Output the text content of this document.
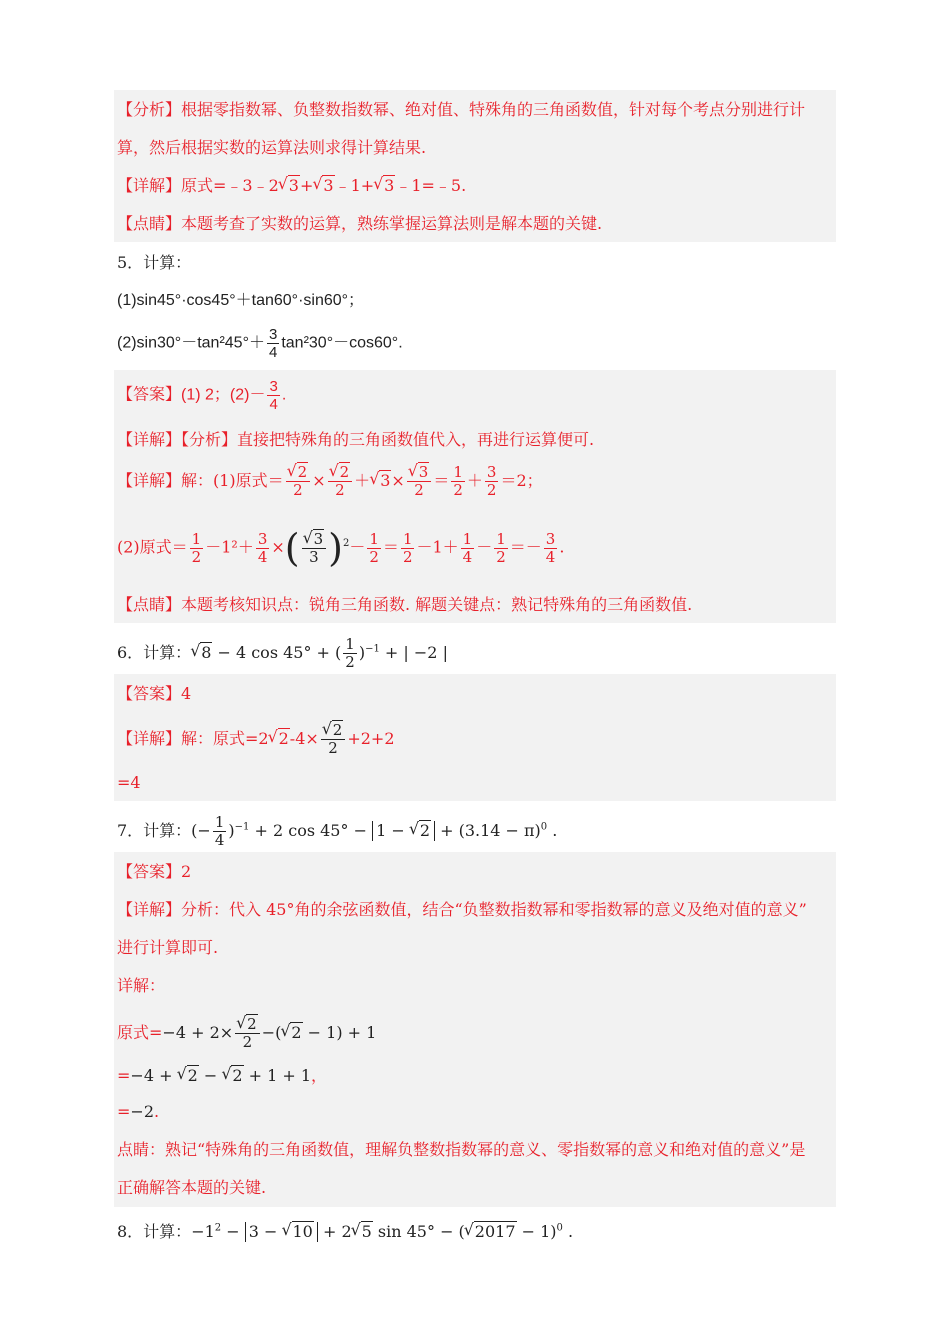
【分析】根据零指数幂、负整数指数幂、绝对值、特殊角的三角函数值，针对每个考点分别进行计
算，然后根据实数的运算法则求得计算结果.
【详解】原式=﹣3﹣2 √ 3+ √ 3﹣1+ √ 3﹣1=﹣5.
【点睛】本题考查了实数的运算，熟练掌握运算法则是解本题的关键.
5．计算：
(1)sin45°·cos45°＋tan60°·sin60°；
$(2)\sin 30^\circ-\tan^245^\circ+ \frac{3}{4} \tan^230^\circ-\cos 60^\circ$.
【答案】(1) 2；$(2)- \frac{3}{4}$ .
【详解】【分析】直接把特殊角的三角函数值代入，再进行运算便可.
【详解】解：(1)原式＝ √ $\frac{2}{2}$ × √ $\frac{2}{2}$ ＋ √ 3× √ $\frac{3}{2} = \frac{1}{2} + \frac{3}{2} =2$；
(2)原式＝ $\frac{1}{2} -1^2+ \frac{3}{4}$ ×( √ $\frac{3}{3} )^2- \frac{1}{2} = \frac{1}{2} -1+ \frac{1}{4} - \frac{1}{2} =- \frac{3}{4}$ .
【点睛】本题考核知识点：锐角三角函数. 解题关键点：熟记特殊角的三角函数值.
6．计算： √ 8 − 4 cos 45° + ( $\frac{1}{2} )^{-1}$ + | −2 |
【答案】4
【详解】解：原式=2 √ 2-4× √ $\frac{2}{2} +2+2$
=4
7．计算：(− $\frac{1}{4} )^{-1} + 2$ cos 45° − 1 − √ $2 + (3.14 - \pi)^0$ .
【答案】2
【详解】分析：代入 45°角的余弦函数值，结合“负整数指数幂和零指数幂的意义及绝对值的意义”
进行计算即可.
详解：
原式=−4 + 2× √ $\frac{2}{2}$ −( √ 2 − 1) + 1
=−4 + √ 2 − √ 2 + 1 + 1，
=−2.
点睛：熟记“特殊角的三角函数值，理解负整数指数幂的意义、零指数幂的意义和绝对值的意义”是
正确解答本题的关键.
8．计算：$-1^2 - 3$ − √ 10 + 2 √ 5 sin 45° − ( √ 2017 − 1)$^0$ .
